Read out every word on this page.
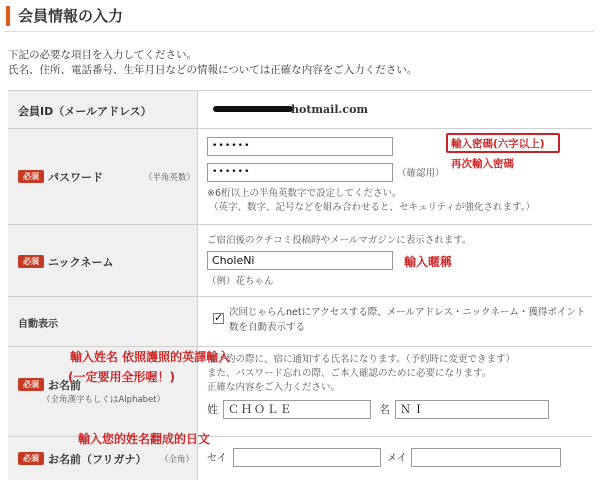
会員情報の入力
下記の必要な項目を入力してください。
氏名、住所、電話番号、生年月日などの情報については正確な内容をご入力ください。
会員ID（メールアドレス）	hotmail.com
必須 パスワード	（半角英数）
••••••
••••••	（確認用）
※6桁以上の半角英数字で設定してください。
（英字、数字、記号などを組み合わせると、セキュリティが強化されます。）
輸入密碼(六字以上)
再次輸入密碼
必須 ニックネーム
ご宿泊後のクチコミ投稿時やメールマガジンに表示されます。
CholeNi
（例）花ちゃん
輸入暱稱
自動表示
✓
次回じゃらんnetにアクセスする際、メールアドレス・ニックネーム・獲得ポイント
数を自動表示する
必須 お名前
（全角漢字もしくはAlphabet）
宿予約の際に、宿に通知する氏名になります。（予約時に変更できます）
また、パスワード忘れの際、ご本人確認のために必要になります。
正確な内容をご入力ください。
姓 ＣＨＯＬＥ	名 ＮＩ
必須 お名前（フリガナ） （全角） セイ	メイ
輸入姓名 依照護照的英譯輸入
(一定要用全形喔！)
輸入您的姓名翻成的日文
